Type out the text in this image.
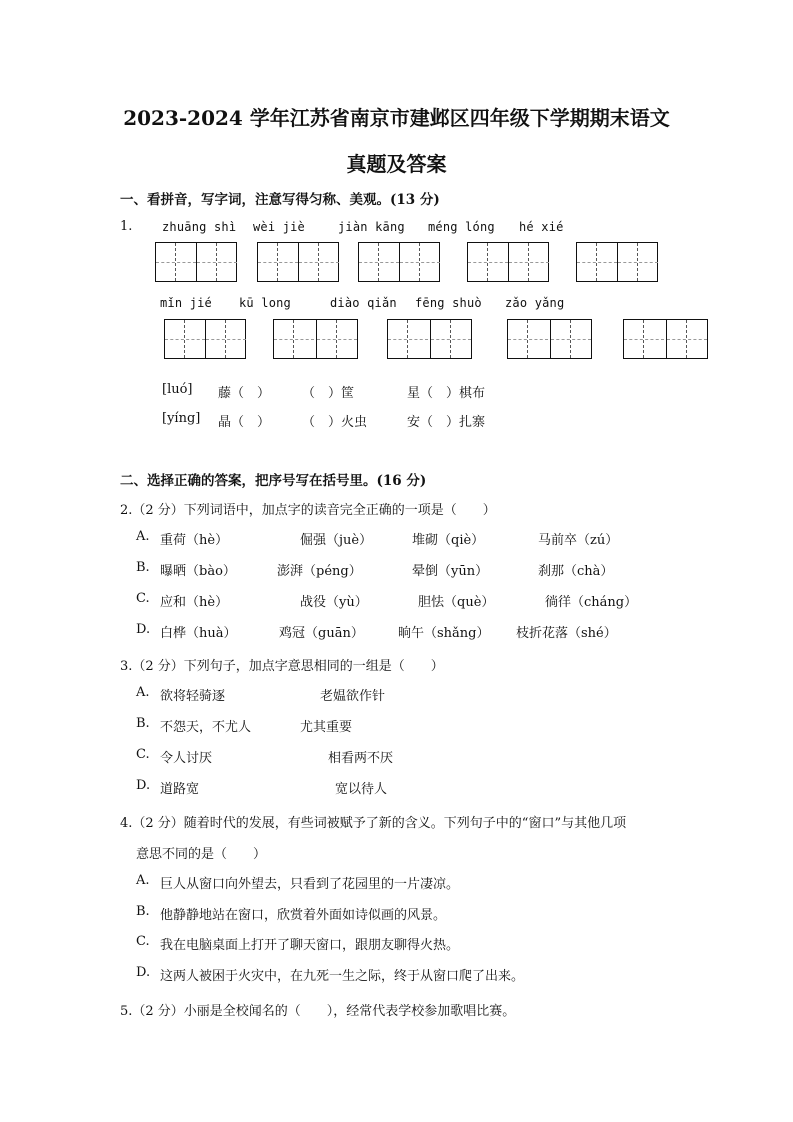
2023-2024 学年江苏省南京市建邺区四年级下学期期末语文
真题及答案
一、看拼音，写字词，注意写得匀称、美观。(13 分)
1. zhuāng shì wèi jiè	jiàn kāng méng lóng hé xié
mǐn jié kū long	diào qiǎn fēng shuò zǎo yǎng
[luó] 藤（　） （　）筐	星（　）棋布
[yíng] 晶（　） （　）火虫	安（　）扎寨
二、选择正确的答案，把序号写在括号里。(16 分)
2.（2 分）下列词语中，加点字的读音完全正确的一项是（　　）
A. 重荷（hè）	倔强（juè）	堆砌（qiè）	马前卒（zú）
B. 曝晒（bào）	澎湃（péng）	晕倒（yūn）	刹那（chà）
C. 应和（hè）	战役（yù）	胆怯（què）	徜徉（cháng）
D. 白桦（huà）	鸡冠（guān）	晌午（shǎng） 枝折花落（shé）
3.（2 分）下列句子，加点字意思相同的一组是（　　）
A. 欲将轻骑逐	老媪欲作针
B. 不怨天，不尤人	尤其重要
C. 令人讨厌	相看两不厌
D. 道路宽	宽以待人
4.（2 分）随着时代的发展，有些词被赋予了新的含义。下列句子中的“窗口”与其他几项
意思不同的是（　　）
A. 巨人从窗口向外望去，只看到了花园里的一片凄凉。
B. 他静静地站在窗口，欣赏着外面如诗似画的风景。
C. 我在电脑桌面上打开了聊天窗口，跟朋友聊得火热。
D. 这两人被困于火灾中，在九死一生之际，终于从窗口爬了出来。
5.（2 分）小丽是全校闻名的（　　），经常代表学校参加歌唱比赛。
